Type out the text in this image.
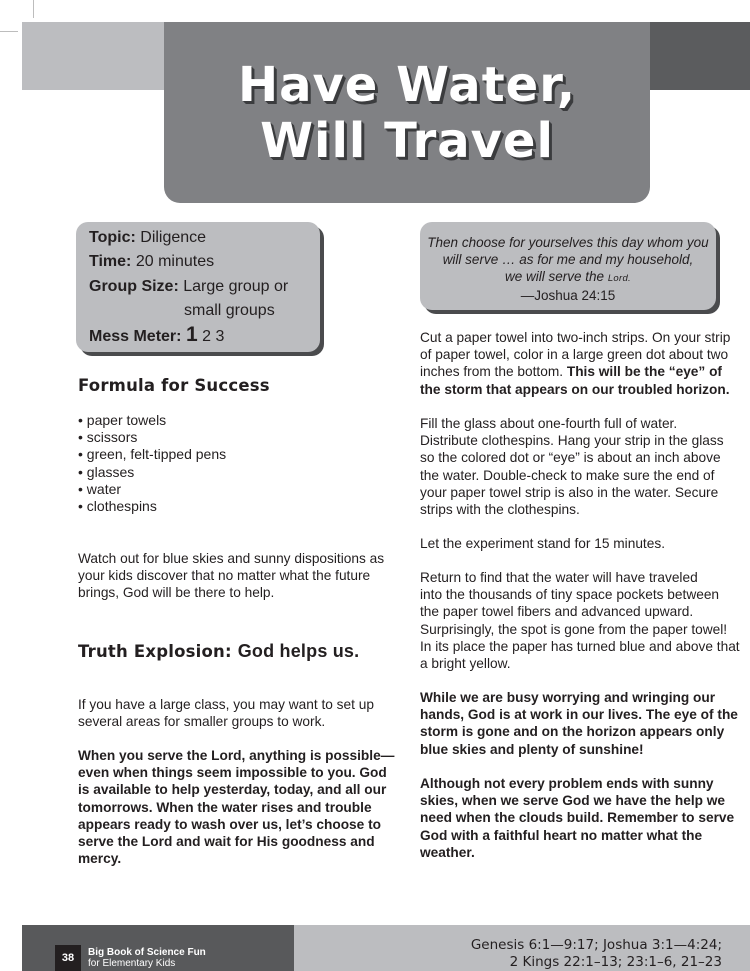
Have Water,
Will Travel
Topic: Diligence
Time: 20 minutes
Group Size: Large group or
small groups
Mess Meter: 1 2 3
Then choose for yourselves this day whom you
will serve … as for me and my household,
we will serve the Lord.
—Joshua 24:15
Formula for Success
• paper towels
• scissors
• green, felt-tipped pens
• glasses
• water
• clothespins

Watch out for blue skies and sunny dispositions as
your kids discover that no matter what the future
brings, God will be there to help.

Truth Explosion: God helps us.

If you have a large class, you may want to set up
several areas for smaller groups to work.

When you serve the Lord, anything is possible—
even when things seem impossible to you. God
is available to help yesterday, today, and all our
tomorrows. When the water rises and trouble
appears ready to wash over us, let’s choose to
serve the Lord and wait for His goodness and
mercy.

Cut a paper towel into two-inch strips. On your strip
of paper towel, color in a large green dot about two
inches from the bottom. This will be the “eye” of
the storm that appears on our troubled horizon.

Fill the glass about one-fourth full of water.
Distribute clothespins. Hang your strip in the glass
so the colored dot or “eye” is about an inch above
the water. Double-check to make sure the end of
your paper towel strip is also in the water. Secure
strips with the clothespins.

Let the experiment stand for 15 minutes.

Return to find that the water will have traveled
into the thousands of tiny space pockets between
the paper towel fibers and advanced upward.
Surprisingly, the spot is gone from the paper towel!
In its place the paper has turned blue and above that
a bright yellow.

While we are busy worrying and wringing our
hands, God is at work in our lives. The eye of the
storm is gone and on the horizon appears only
blue skies and plenty of sunshine!

Although not every problem ends with sunny
skies, when we serve God we have the help we
need when the clouds build. Remember to serve
God with a faithful heart no matter what the
weather.

38	Big Book of Science Fun
for Elementary Kids
Genesis 6:1—9:17; Joshua 3:1—4:24;
2 Kings 22:1–13; 23:1–6, 21–23
